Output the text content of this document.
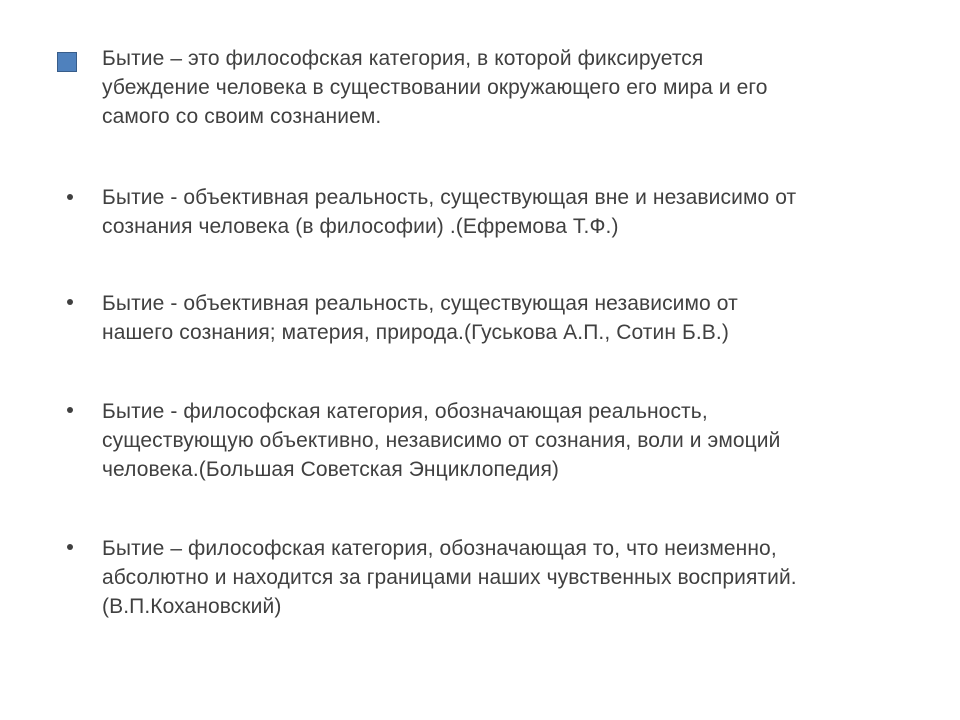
Бытие – это философская категория, в которой фиксируется
убеждение человека в существовании окружающего его мира и его
самого со своим сознанием.
Бытие - объективная реальность, существующая вне и независимо от
сознания человека (в философии) .(Ефремова Т.Ф.)
Бытие - объективная реальность, существующая независимо от
нашего сознания; материя, природа.(Гуськова А.П., Сотин Б.В.)
Бытие - философская категория, обозначающая реальность,
существующую объективно, независимо от сознания, воли и эмоций
человека.(Большая Советская Энциклопедия)
Бытие – философская категория, обозначающая то, что неизменно,
абсолютно и находится за границами наших чувственных восприятий.
(В.П.Кохановский)
